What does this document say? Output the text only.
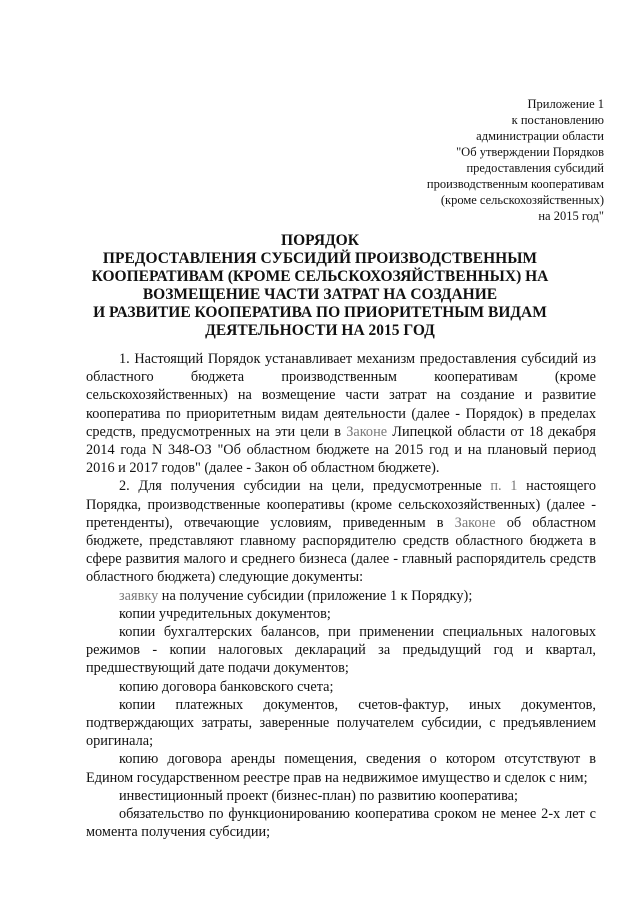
Приложение 1
к постановлению
администрации области
"Об утверждении Порядков
предоставления субсидий
производственным кооперативам
(кроме сельскохозяйственных)
на 2015 год"
ПОРЯДОК
ПРЕДОСТАВЛЕНИЯ СУБСИДИЙ ПРОИЗВОДСТВЕННЫМ
КООПЕРАТИВАМ (КРОМЕ СЕЛЬСКОХОЗЯЙСТВЕННЫХ) НА
ВОЗМЕЩЕНИЕ ЧАСТИ ЗАТРАТ НА СОЗДАНИЕ
И РАЗВИТИЕ КООПЕРАТИВА ПО ПРИОРИТЕТНЫМ ВИДАМ
ДЕЯТЕЛЬНОСТИ НА 2015 ГОД

1. Настоящий Порядок устанавливает механизм предоставления субсидий из областного бюджета производственным кооперативам (кроме сельскохозяйственных) на возмещение части затрат на создание и развитие кооператива по приоритетным видам деятельности (далее - Порядок) в пределах средств, предусмотренных на эти цели в Законе Липецкой области от 18 декабря 2014 года N 348-ОЗ "Об областном бюджете на 2015 год и на плановый период 2016 и 2017 годов" (далее - Закон об областном бюджете).

2. Для получения субсидии на цели, предусмотренные п. 1 настоящего Порядка, производственные кооперативы (кроме сельскохозяйственных) (далее - претенденты), отвечающие условиям, приведенным в Законе об областном бюджете, представляют главному распорядителю средств областного бюджета в сфере развития малого и среднего бизнеса (далее - главный распорядитель средств областного бюджета) следующие документы:

заявку на получение субсидии (приложение 1 к Порядку);

копии учредительных документов;

копии бухгалтерских балансов, при применении специальных налоговых режимов - копии налоговых деклараций за предыдущий год и квартал, предшествующий дате подачи документов;

копию договора банковского счета;

копии платежных документов, счетов-фактур, иных документов, подтверждающих затраты, заверенные получателем субсидии, с предъявлением оригинала;

копию договора аренды помещения, сведения о котором отсутствуют в Едином государственном реестре прав на недвижимое имущество и сделок с ним;

инвестиционный проект (бизнес-план) по развитию кооператива;

обязательство по функционированию кооператива сроком не менее 2-х лет с момента получения субсидии;
